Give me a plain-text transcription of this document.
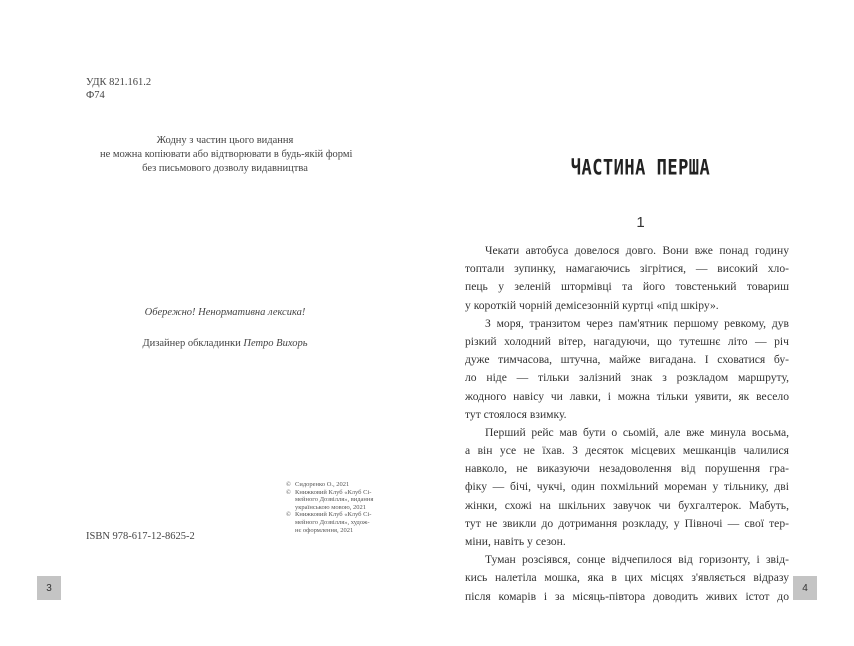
УДК 821.161.2
Ф74
Жодну з частин цього видання
не можна копіювати або відтворювати в будь-якій формі
без письмового дозволу видавництва
Обережно! Ненормативна лексика!
Дизайнер обкладинки Петро Вихорь
© Сидоренко О., 2021
© Книжковий Клуб «Клуб Сі-
мейного Дозвілля», видання
українською мовою, 2021
© Книжковий Клуб «Клуб Сі-
мейного Дозвілля», худож-
нє оформлення, 2021
ISBN 978-617-12-8625-2
3
ЧАСТИНА ПЕРША
1
Чекати автобуса довелося довго. Вони вже понад годину
топтали зупинку, намагаючись зігрітися, — високий хло-
пець у зеленій штормівці та його товстенький товариш
у короткій чорній демісезонній куртці «під шкіру».
З моря, транзитом через пам'ятник першому ревкому, дув
різкий холодний вітер, нагадуючи, що тутешнє літо — річ
дуже тимчасова, штучна, майже вигадана. І сховатися бу-
ло ніде — тільки залізний знак з розкладом маршруту,
жодного навісу чи лавки, і можна тільки уявити, як весело
тут стоялося взимку.
Перший рейс мав бути о сьомій, але вже минула восьма,
а він усе не їхав. З десяток місцевих мешканців чалилися
навколо, не виказуючи незадоволення від порушення гра-
фіку — бічі, чукчі, один похмільний мореман у тільнику, дві
жінки, схожі на шкільних завучок чи бухгалтерок. Мабуть,
тут не звикли до дотримання розкладу, у Півночі — свої тер-
міни, навіть у сезон.
Туман розсіявся, сонце відчепилося від горизонту, і звід-
кись налетіла мошка, яка в цих місцях з'являється відразу
після комарів і за місяць-півтора доводить живих істот до
4
